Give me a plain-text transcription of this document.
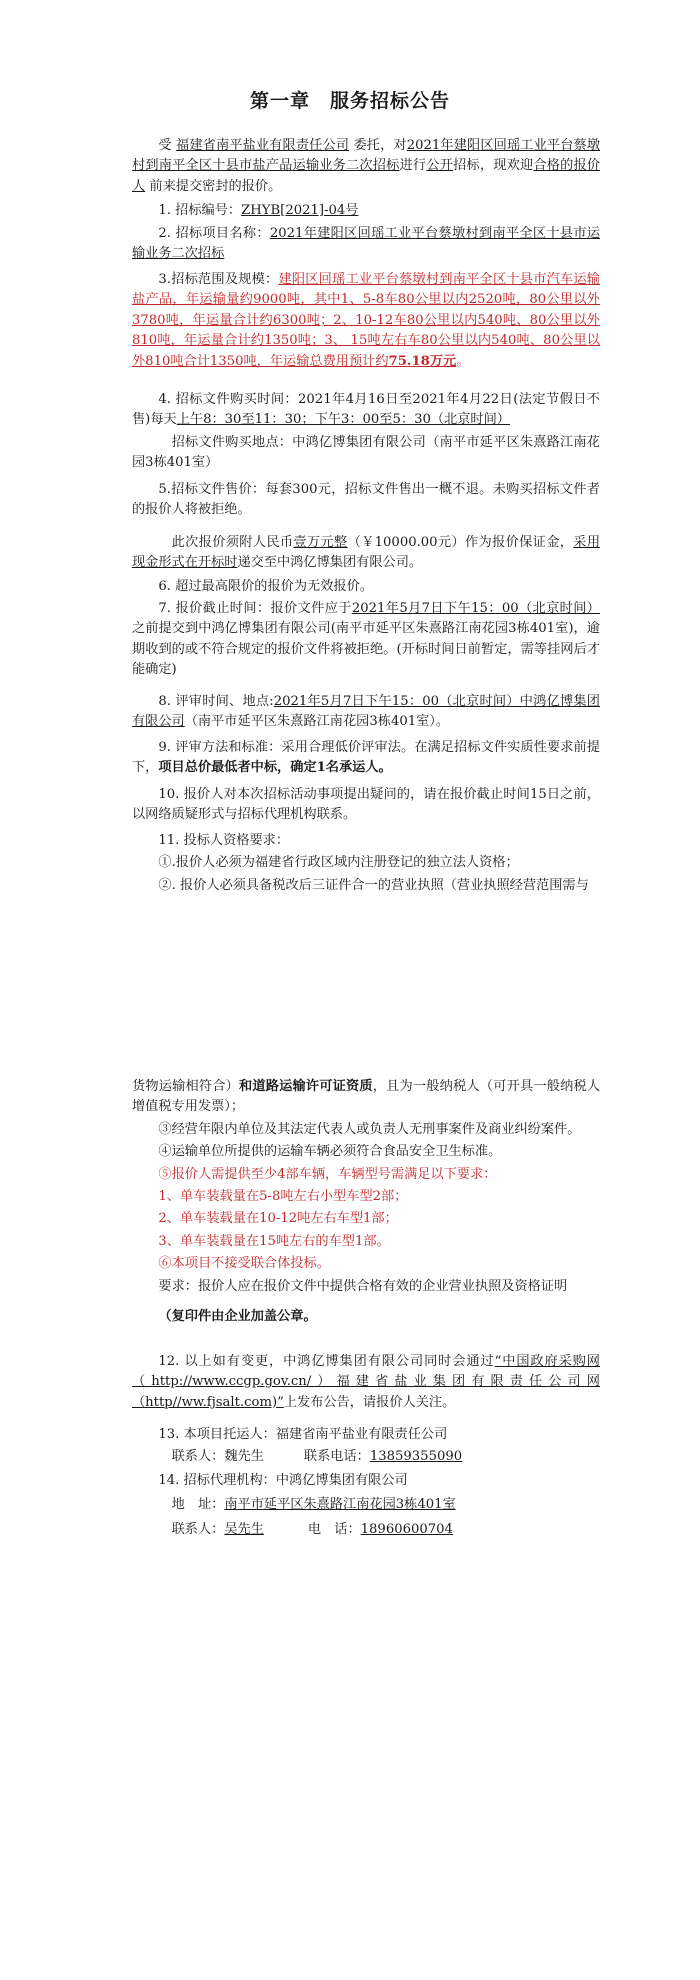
第一章　服务招标公告

受 福建省南平盐业有限责任公司 委托，对2021年建阳区回瑶工业平台蔡墩村到南平全区十县市盐产品运输业务二次招标进行公开招标，现欢迎合格的报价人 前来提交密封的报价。

1. 招标编号：ZHYB[2021]-04号

2. 招标项目名称：2021年建阳区回瑶工业平台蔡墩村到南平全区十县市运输业务二次招标

3.招标范围及规模：建阳区回瑶工业平台蔡墩村到南平全区十县市汽车运输盐产品，年运输量约9000吨，其中1、5-8车80公里以内2520吨，80公里以外3780吨，年运量合计约6300吨；2、10-12车80公里以内540吨、80公里以外810吨，年运量合计约1350吨；3、 15吨左右车80公里以内540吨、80公里以外810吨合计1350吨，年运输总费用预计约75.18万元。

4. 招标文件购买时间：2021年4月16日至2021年4月22日(法定节假日不售)每天上午8：30至11：30；下午3：00至5：30（北京时间）

招标文件购买地点：中鸿亿博集团有限公司（南平市延平区朱熹路江南花园3栋401室）

5.招标文件售价：每套300元，招标文件售出一概不退。未购买招标文件者的报价人将被拒绝。

此次报价须附人民币壹万元整（￥10000.00元）作为报价保证金，采用现金形式在开标时递交至中鸿亿博集团有限公司。

6. 超过最高限价的报价为无效报价。

7. 报价截止时间：报价文件应于2021年5月7日下午15：00（北京时间）之前提交到中鸿亿博集团有限公司(南平市延平区朱熹路江南花园3栋401室)，逾期收到的或不符合规定的报价文件将被拒绝。(开标时间日前暂定，需等挂网后才能确定)

8. 评审时间、地点:2021年5月7日下午15：00（北京时间）中鸿亿博集团有限公司（南平市延平区朱熹路江南花园3栋401室）。

9. 评审方法和标准：采用合理低价评审法。在满足招标文件实质性要求前提下，项目总价最低者中标，确定1名承运人。

10. 报价人对本次招标活动事项提出疑问的，请在报价截止时间15日之前，以网络质疑形式与招标代理机构联系。

11. 投标人资格要求：

①.报价人必须为福建省行政区域内注册登记的独立法人资格；

②. 报价人必须具备税改后三证件合一的营业执照（营业执照经营范围需与

货物运输相符合）和道路运输许可证资质，且为一般纳税人（可开具一般纳税人增值税专用发票）；

③经营年限内单位及其法定代表人或负责人无刑事案件及商业纠纷案件。

④运输单位所提供的运输车辆必须符合食品安全卫生标准。

⑤报价人需提供至少4部车辆，车辆型号需满足以下要求：

1、单车装载量在5-8吨左右小型车型2部；

2、单车装载量在10-12吨左右车型1部；

3、单车装载量在15吨左右的车型1部。

⑥本项目不接受联合体投标。

要求：报价人应在报价文件中提供合格有效的企业营业执照及资格证明

（复印件由企业加盖公章。

12. 以上如有变更，中鸿亿博集团有限公司同时会通过“中国政府采购网（http://www.ccgp.gov.cn/）福建省盐业集团有限责任公司网（http//ww.fjsalt.com)”上发布公告，请报价人关注。

13. 本项目托运人：福建省南平盐业有限责任公司

联系人：魏先生	联系电话：13859355090

14. 招标代理机构：中鸿亿博集团有限公司

地　址：南平市延平区朱熹路江南花园3栋401室

联系人：吴先生	电　话：18960600704
